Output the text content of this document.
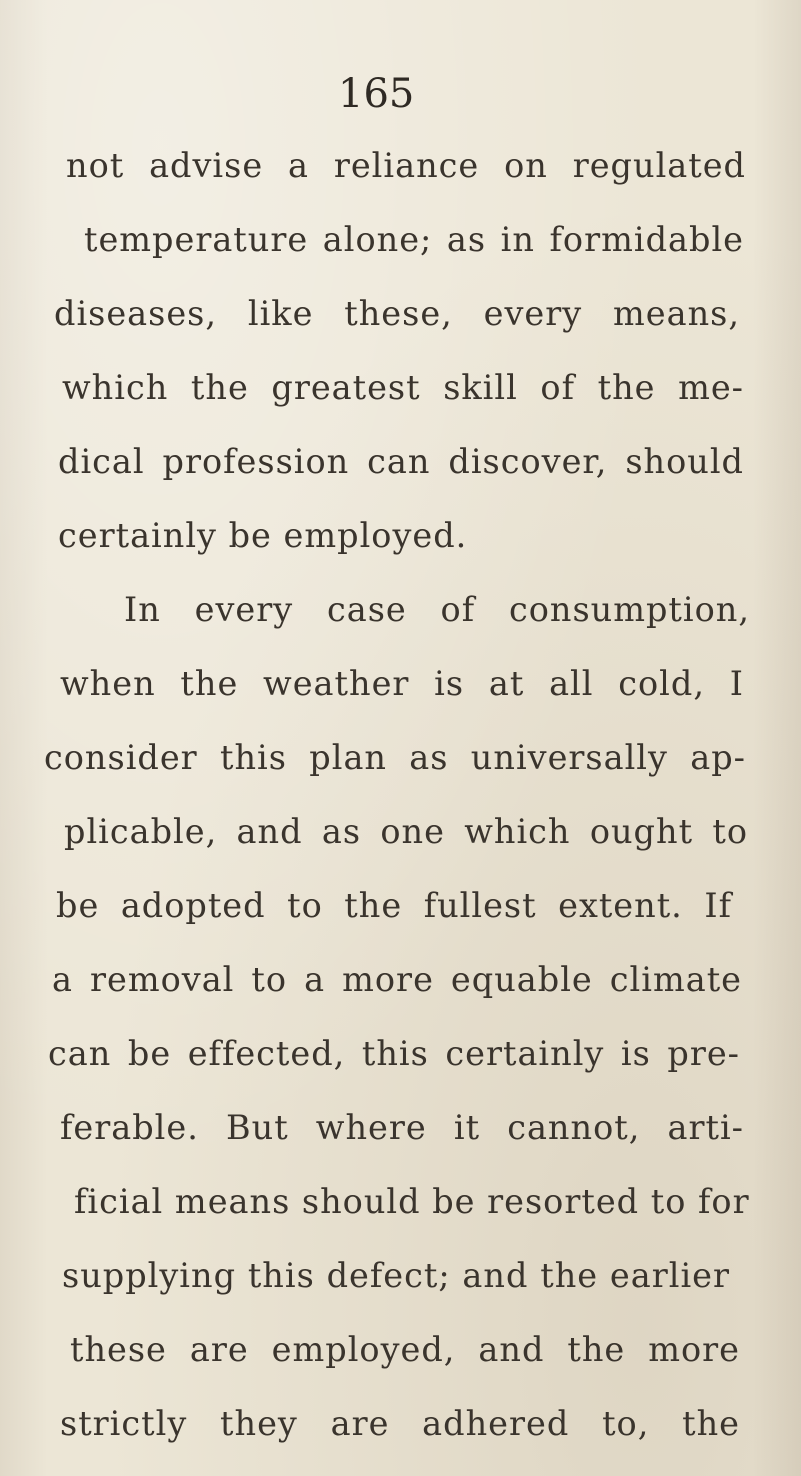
165
not advise a reliance on regulated
temperature alone; as in formidable
diseases, like these, every means,
which the greatest skill of the me-
dical profession can discover, should
certainly be employed.
In every case of consumption,
when the weather is at all cold, I
consider this plan as universally ap-
plicable, and as one which ought to
be adopted to the fullest extent. If
a removal to a more equable climate
can be effected, this certainly is pre-
ferable. But where it cannot, arti-
ficial means should be resorted to for
supplying this defect; and the earlier
these are employed, and the more
strictly they are adhered to, the
